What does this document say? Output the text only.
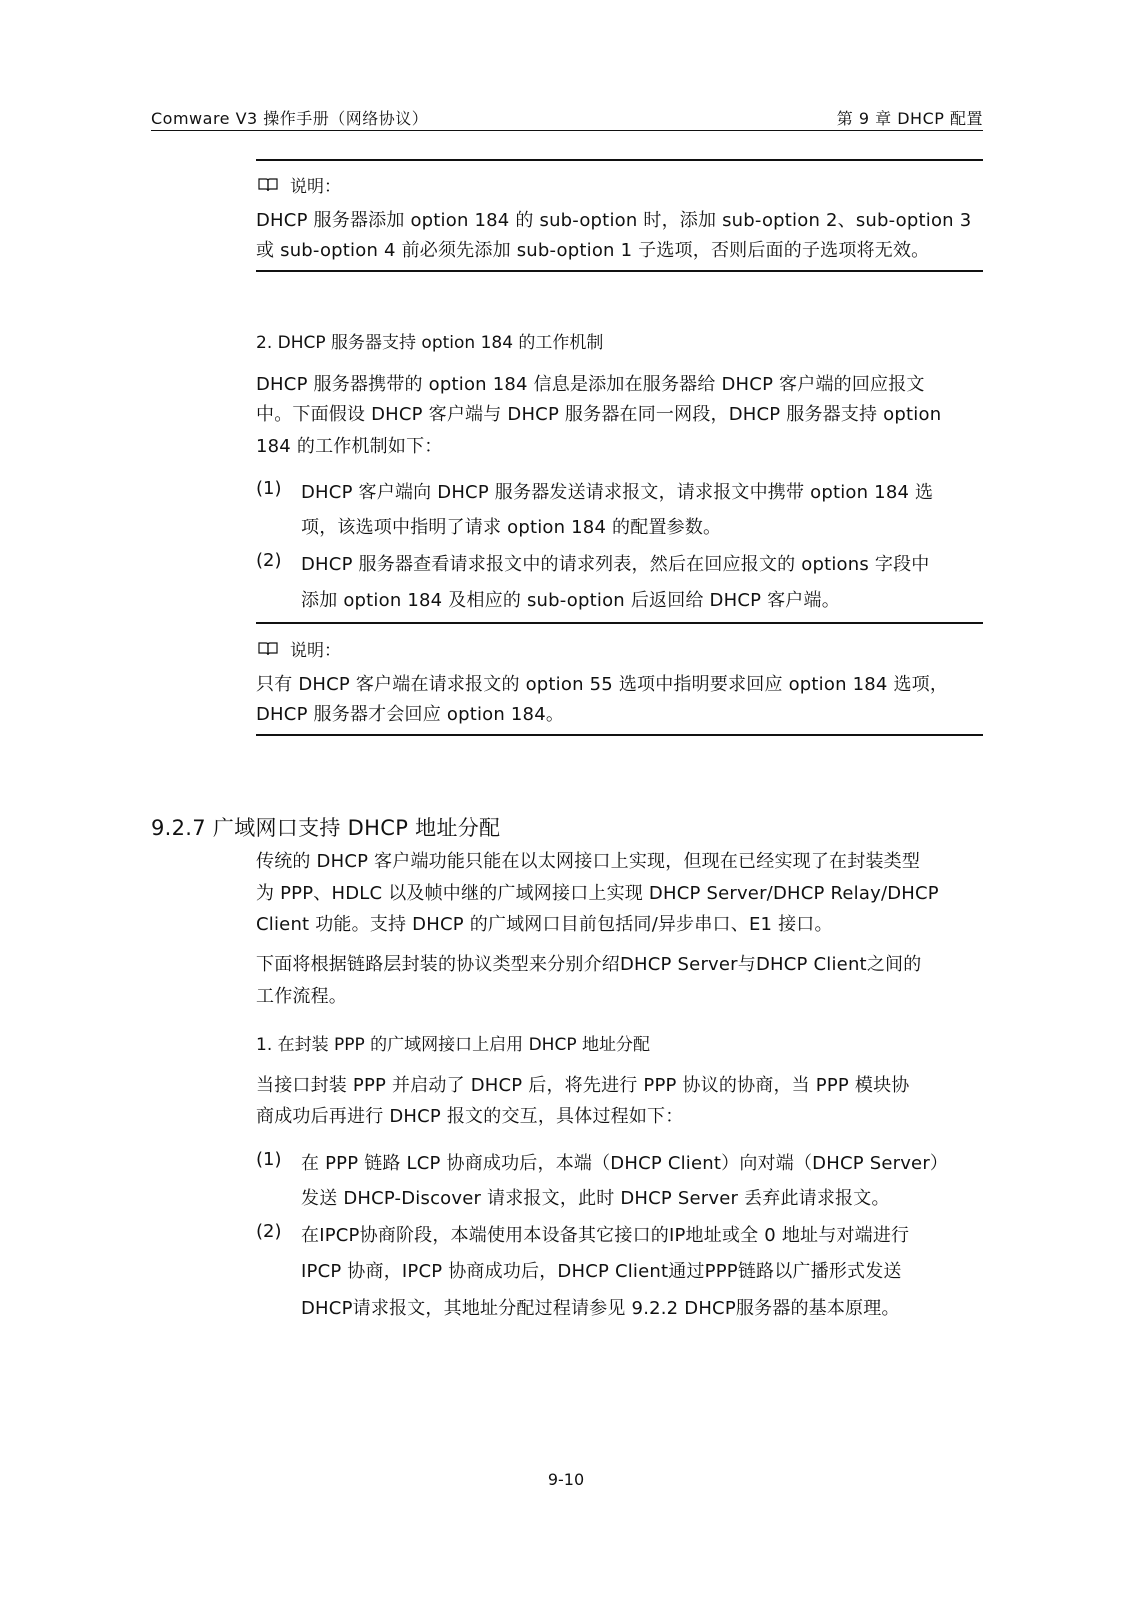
Comware V3 操作手册（网络协议）	第 9 章 DHCP 配置
说明：
DHCP 服务器添加 option 184 的 sub-option 时，添加 sub-option 2、sub-option 3
或 sub-option 4 前必须先添加 sub-option 1 子选项，否则后面的子选项将无效。
2. DHCP 服务器支持 option 184 的工作机制
DHCP 服务器携带的 option 184 信息是添加在服务器给 DHCP 客户端的回应报文
中。下面假设 DHCP 客户端与 DHCP 服务器在同一网段，DHCP 服务器支持 option
184 的工作机制如下：
(1) DHCP 客户端向 DHCP 服务器发送请求报文，请求报文中携带 option 184 选
项，该选项中指明了请求 option 184 的配置参数。
(2) DHCP 服务器查看请求报文中的请求列表，然后在回应报文的 options 字段中
添加 option 184 及相应的 sub-option 后返回给 DHCP 客户端。
说明：
只有 DHCP 客户端在请求报文的 option 55 选项中指明要求回应 option 184 选项，
DHCP 服务器才会回应 option 184。
9.2.7 广域网口支持 DHCP 地址分配
传统的 DHCP 客户端功能只能在以太网接口上实现，但现在已经实现了在封装类型
为 PPP、HDLC 以及帧中继的广域网接口上实现 DHCP Server/DHCP Relay/DHCP
Client 功能。支持 DHCP 的广域网口目前包括同/异步串口、E1 接口。
下面将根据链路层封装的协议类型来分别介绍DHCP Server与DHCP Client之间的
工作流程。
1. 在封装 PPP 的广域网接口上启用 DHCP 地址分配
当接口封装 PPP 并启动了 DHCP 后，将先进行 PPP 协议的协商，当 PPP 模块协
商成功后再进行 DHCP 报文的交互，具体过程如下：
(1) 在 PPP 链路 LCP 协商成功后，本端（DHCP Client）向对端（DHCP Server）
发送 DHCP-Discover 请求报文，此时 DHCP Server 丢弃此请求报文。
(2) 在IPCP协商阶段，本端使用本设备其它接口的IP地址或全 0 地址与对端进行
IPCP 协商，IPCP 协商成功后，DHCP Client通过PPP链路以广播形式发送
DHCP请求报文，其地址分配过程请参见 9.2.2 DHCP服务器的基本原理。
9-10
